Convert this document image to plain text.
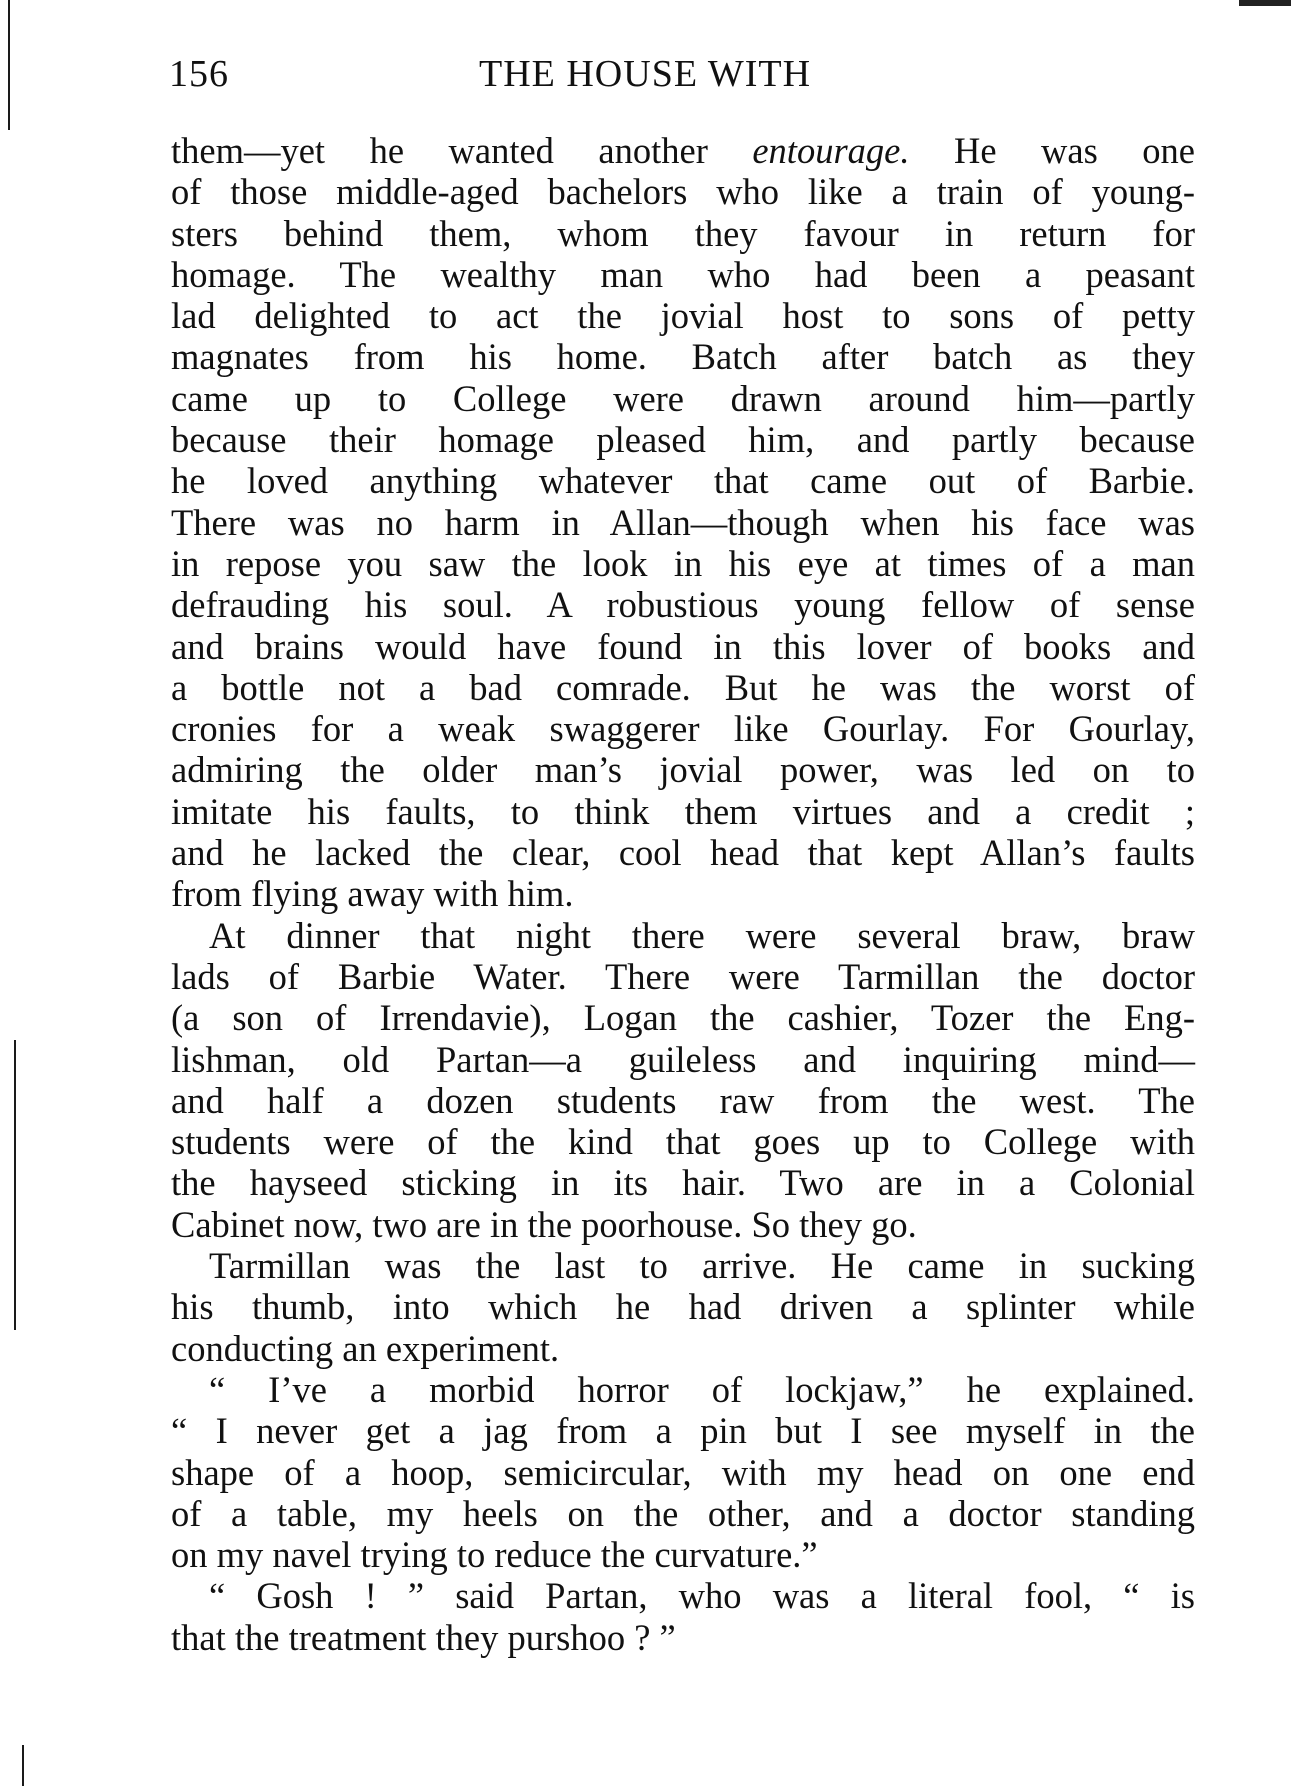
156	THE HOUSE WITH
them—yet he wanted another entourage. He was one
of those middle-aged bachelors who like a train of young-
sters behind them, whom they favour in return for
homage. The wealthy man who had been a peasant
lad delighted to act the jovial host to sons of petty
magnates from his home. Batch after batch as they
came up to College were drawn around him—partly
because their homage pleased him, and partly because
he loved anything whatever that came out of Barbie.
There was no harm in Allan—though when his face was
in repose you saw the look in his eye at times of a man
defrauding his soul. A robustious young fellow of sense
and brains would have found in this lover of books and
a bottle not a bad comrade. But he was the worst of
cronies for a weak swaggerer like Gourlay. For Gourlay,
admiring the older man’s jovial power, was led on to
imitate his faults, to think them virtues and a credit ;
and he lacked the clear, cool head that kept Allan’s faults
from flying away with him.
At dinner that night there were several braw, braw
lads of Barbie Water. There were Tarmillan the doctor
(a son of Irrendavie), Logan the cashier, Tozer the Eng-
lishman, old Partan—a guileless and inquiring mind—
and half a dozen students raw from the west. The
students were of the kind that goes up to College with
the hayseed sticking in its hair. Two are in a Colonial
Cabinet now, two are in the poorhouse. So they go.
Tarmillan was the last to arrive. He came in sucking
his thumb, into which he had driven a splinter while
conducting an experiment.
“ I’ve a morbid horror of lockjaw,” he explained.
“ I never get a jag from a pin but I see myself in the
shape of a hoop, semicircular, with my head on one end
of a table, my heels on the other, and a doctor standing
on my navel trying to reduce the curvature.”
“ Gosh ! ” said Partan, who was a literal fool, “ is
that the treatment they purshoo ? ”
